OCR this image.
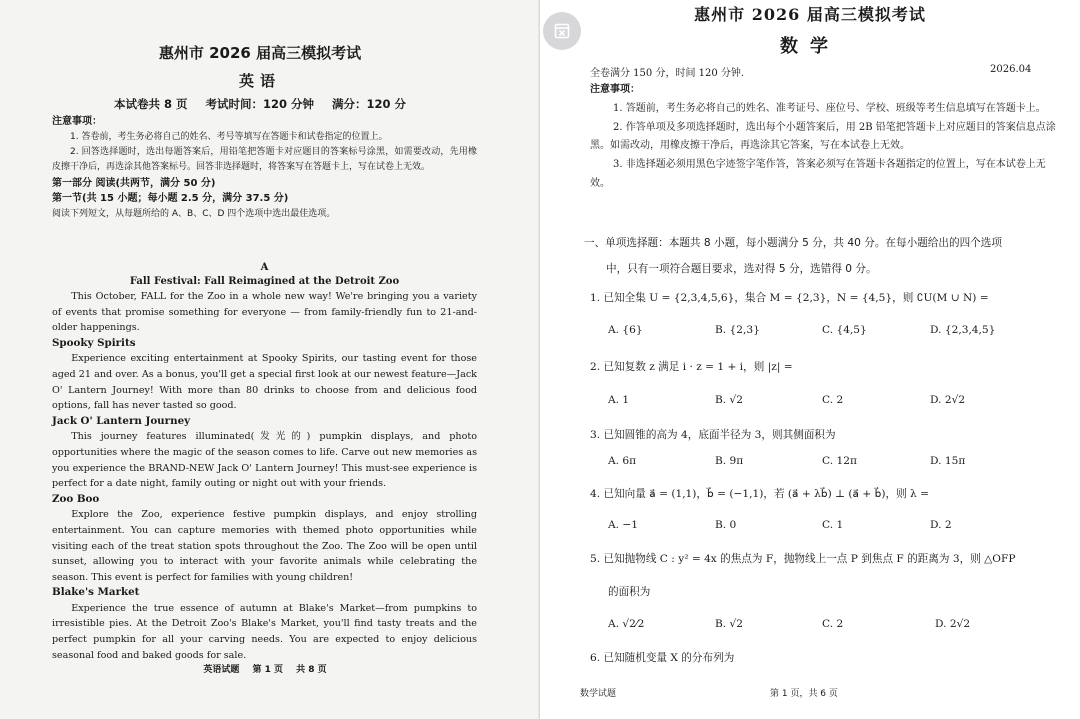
惠州市 2026 届高三模拟考试
英语
本试卷共 8 页 考试时间：120 分钟 满分：120 分
注意事项：
1. 答卷前，考生务必将自己的姓名、考号等填写在答题卡和试卷指定的位置上。
2. 回答选择题时，选出每题答案后，用铅笔把答题卡对应题目的答案标号涂黑，如需要改动，先用橡皮擦干净后，再选涂其他答案标号。回答非选择题时，将答案写在答题卡上，写在试卷上无效。
第一部分 阅读(共两节，满分 50 分)
第一节(共 15 小题；每小题 2.5 分，满分 37.5 分)
阅读下列短文，从每题所给的 A、B、C、D 四个选项中选出最佳选项。
A
Fall Festival: Fall Reimagined at the Detroit Zoo
This October, FALL for the Zoo in a whole new way! We're bringing you a variety of events that promise something for everyone — from family-friendly fun to 21-and-older happenings.
Spooky Spirits
Experience exciting entertainment at Spooky Spirits, our tasting event for those aged 21 and over. As a bonus, you'll get a special first look at our newest feature—Jack O' Lantern Journey! With more than 80 drinks to choose from and delicious food options, fall has never tasted so good.
Jack O' Lantern Journey
This journey features illuminated(发光的) pumpkin displays, and photo opportunities where the magic of the season comes to life. Carve out new memories as you experience the BRAND-NEW Jack O' Lantern Journey! This must-see experience is perfect for a date night, family outing or night out with your friends.
Zoo Boo
Explore the Zoo, experience festive pumpkin displays, and enjoy strolling entertainment. You can capture memories with themed photo opportunities while visiting each of the treat station spots throughout the Zoo. The Zoo will be open until sunset, allowing you to interact with your favorite animals while celebrating the season. This event is perfect for families with young children!
Blake's Market
Experience the true essence of autumn at Blake's Market—from pumpkins to irresistible pies. At the Detroit Zoo's Blake's Market, you'll find tasty treats and the perfect pumpkin for all your carving needs. You are expected to enjoy delicious seasonal food and baked goods for sale.
英语试题 第 1 页 共 8 页
惠州市 2026 届高三模拟考试
数学
全卷满分 150 分，时间 120 分钟.	2026.04
注意事项：
1. 答题前，考生务必将自己的姓名、准考证号、座位号、学校、班级等考生信息填写在答题卡上。
2. 作答单项及多项选择题时，选出每个小题答案后，用 2B 铅笔把答题卡上对应题目的答案信息点涂黑。如需改动，用橡皮擦干净后，再选涂其它答案，写在本试卷上无效。
3. 非选择题必须用黑色字迹签字笔作答，答案必须写在答题卡各题指定的位置上，写在本试卷上无效。
一、单项选择题：本题共 8 小题，每小题满分 5 分，共 40 分。在每小题给出的四个选项
中，只有一项符合题目要求，选对得 5 分，选错得 0 分。
1. 已知全集 U = {2,3,4,5,6}，集合 M = {2,3}，N = {4,5}，则 ∁U(M ∪ N) =
A. {6}	B. {2,3}	C. {4,5}	D. {2,3,4,5}
2. 已知复数 z 满足 i · z = 1 + i，则 |z| =
A. 1	B. √2	C. 2	D. 2√2
3. 已知圆锥的高为 4，底面半径为 3，则其侧面积为
A. 6π	B. 9π	C. 12π	D. 15π
4. 已知向量 a⃗ = (1,1)，b⃗ = (−1,1)，若 (a⃗ + λb⃗) ⊥ (a⃗ + b⃗)，则 λ =
A. −1	B. 0	C. 1	D. 2
5. 已知抛物线 C : y² = 4x 的焦点为 F，抛物线上一点 P 到焦点 F 的距离为 3，则 △OFP
的面积为
A. √2⁄2	B. √2	C. 2	D. 2√2
6. 已知随机变量 X 的分布列为
数学试题	第 1 页，共 6 页
